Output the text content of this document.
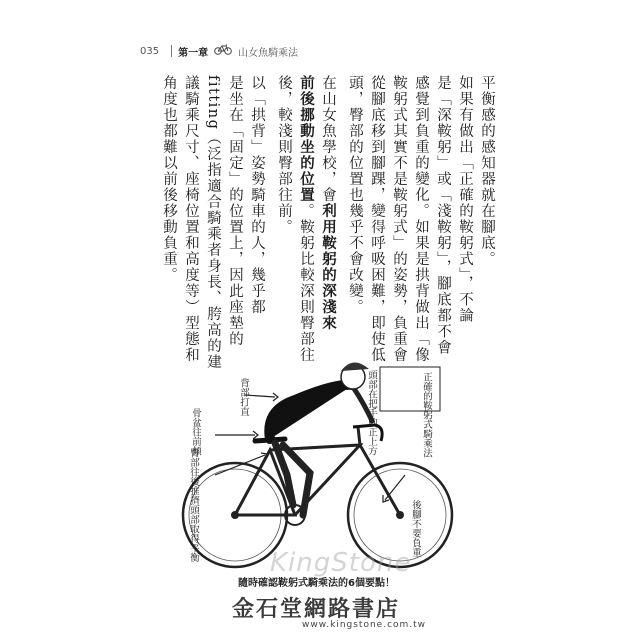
035 第一章	山女魚騎乘法
平衡感的感知器就在腳底。
如果有做出「正確的鞍躬式」，不論
是「深鞍躬」或「淺鞍躬」，腳底都不會
感覺到負重的變化。如果是拱背做出「像
鞍躬式其實不是鞍躬式」的姿勢，負重會
從腳底移到腳踝，變得呼吸困難，即使低
頭，臀部的位置也幾乎不會改變。
在山女魚學校，會利用鞍躬的深淺來
前後挪動坐的位置。鞍躬比較深則臀部往
後，較淺則臀部往前。
以「拱背」姿勢騎車的人，幾乎都
是坐在「固定」的位置上，因此座墊的
fitting（泛指適合騎乘者身長、胯高的建
議騎乘尺寸、座椅位置和高度等）型態和
角度也都難以前後移動負重。
正確的鞍躬式騎乘法
頭部在把手的正上方
背部打直
骨盆往前傾
臀部往後推擠頭部取得平衡	後腳不要負重
隨時確認鞍躬式騎乘法的6個要點！
KingStone
金石堂網路書店
www.kingstone.com.tw
